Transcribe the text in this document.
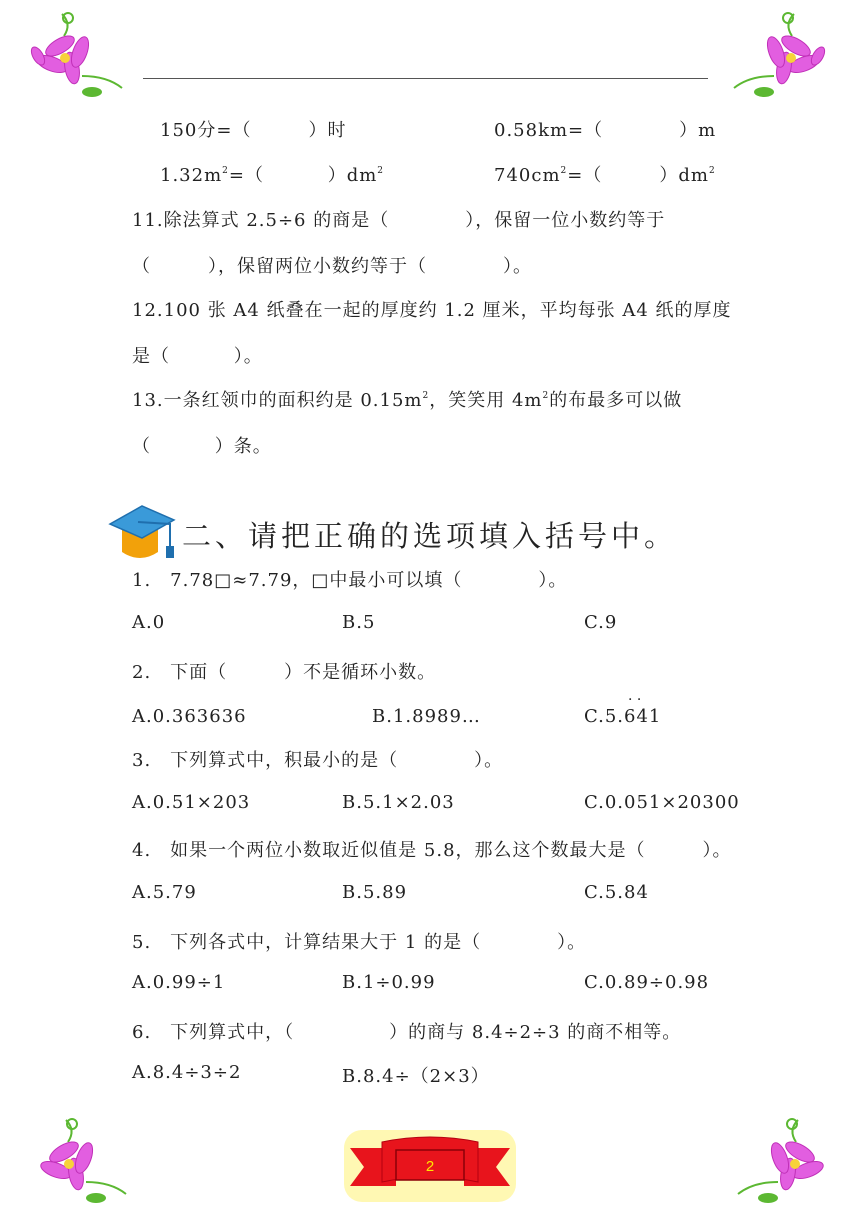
150分=（　　　）时	0.58km=（　　　　）m
$1.32m^2=$（　　　 ）$dm^2$	$740cm^2=$（　　　）$dm^2$
11.除法算式 2.5÷6 的商是（　　　　），保留一位小数约等于
（　　　），保留两位小数约等于（　　　　）。
12.100 张 A4 纸叠在一起的厚度约 1.2 厘米，平均每张 A4 纸的厚度
是（　　　 ）。
13.一条红领巾的面积约是 $0.15m^2$，笑笑用 $4m^2$的布最多可以做
（　　　 ）条。
二、请把正确的选项填入括号中。
1.　7.78□≈7.79，□中最小可以填（　　　　）。
A.0	B.5	C.9
2.　下面（　　　）不是循环小数。
· ·
A.0.363636	B.1.8989…	C.5.641
3.　下列算式中，积最小的是（　　　　）。
A.0.51×203	B.5.1×2.03	C.0.051×20300
4.　如果一个两位小数取近似值是 5.8，那么这个数最大是（　　　）。
A.5.79	B.5.89	C.5.84
5.　下列各式中，计算结果大于 1 的是（　　　　）。
A.0.99÷1	B.1÷0.99	C.0.89÷0.98
6.　下列算式中，（　　　　　）的商与 8.4÷2÷3 的商不相等。
A.8.4÷3÷2	B.8.4÷（2×3）
2
